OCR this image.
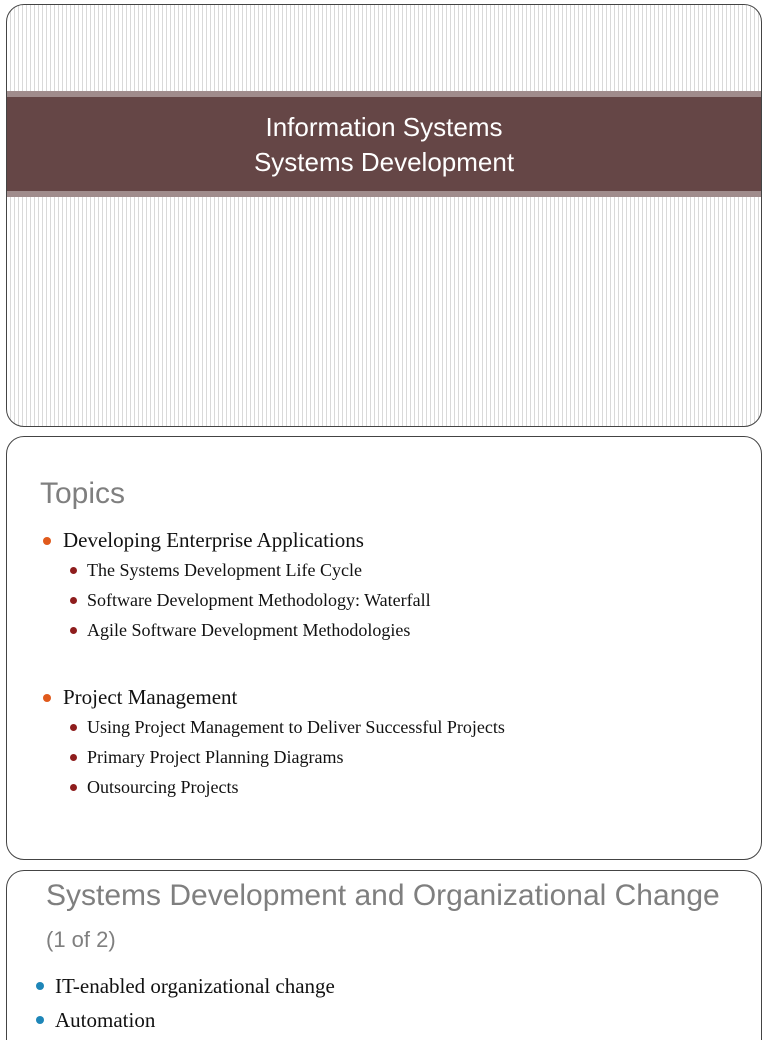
Information Systems
Systems Development
Topics
Developing Enterprise Applications
The Systems Development Life Cycle
Software Development Methodology: Waterfall
Agile Software Development Methodologies
Project Management
Using Project Management to Deliver Successful Projects
Primary Project Planning Diagrams
Outsourcing Projects
Systems Development and Organizational Change (1 of 2)
IT-enabled organizational change
Automation
